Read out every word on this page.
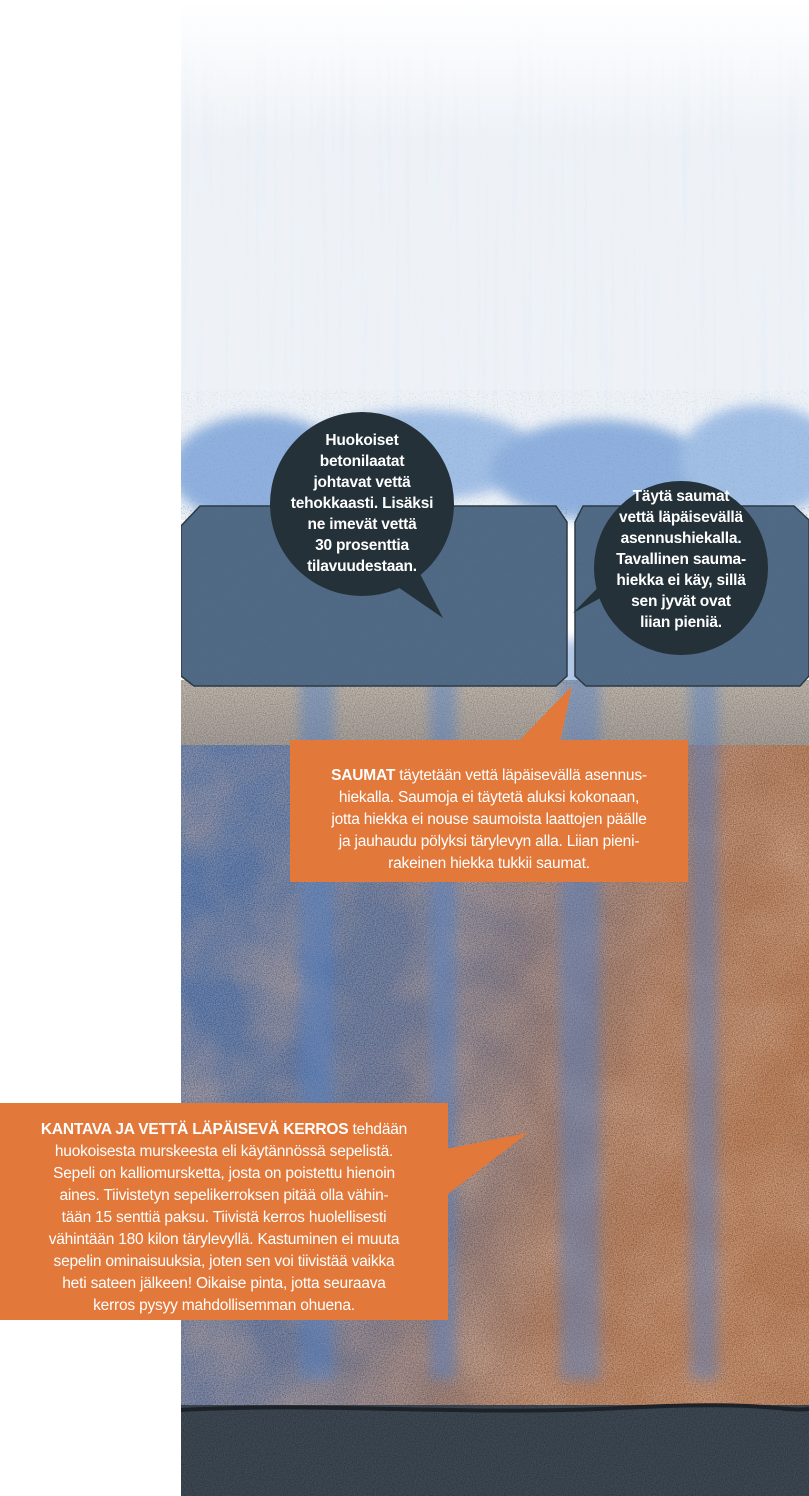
Huokoiset
betonilaatat
johtavat vettä
tehokkaasti. Lisäksi
ne imevät vettä
30 prosenttia
tilavuudestaan.
Täytä saumat
vettä läpäisevällä
asennushiekalla.
Tavallinen sauma-
hiekka ei käy, sillä
sen jyvät ovat
liian pieniä.
SAUMAT täytetään vettä läpäisevällä asennus-
hiekalla. Saumoja ei täytetä aluksi kokonaan,
jotta hiekka ei nouse saumoista laattojen päälle
ja jauhaudu pölyksi tärylevyn alla. Liian pieni-
rakeinen hiekka tukkii saumat.
KANTAVA JA VETTÄ LÄPÄISEVÄ KERROS tehdään
huokoisesta murskeesta eli käytännössä sepelistä.
Sepeli on kalliomursketta, josta on poistettu hienoin
aines. Tiivistetyn sepelikerroksen pitää olla vähin-
tään 15 senttiä paksu. Tiivistä kerros huolellisesti
vähintään 180 kilon tärylevyllä. Kastuminen ei muuta
sepelin ominaisuuksia, joten sen voi tiivistää vaikka
heti sateen jälkeen! Oikaise pinta, jotta seuraava
kerros pysyy mahdollisemman ohuena.
